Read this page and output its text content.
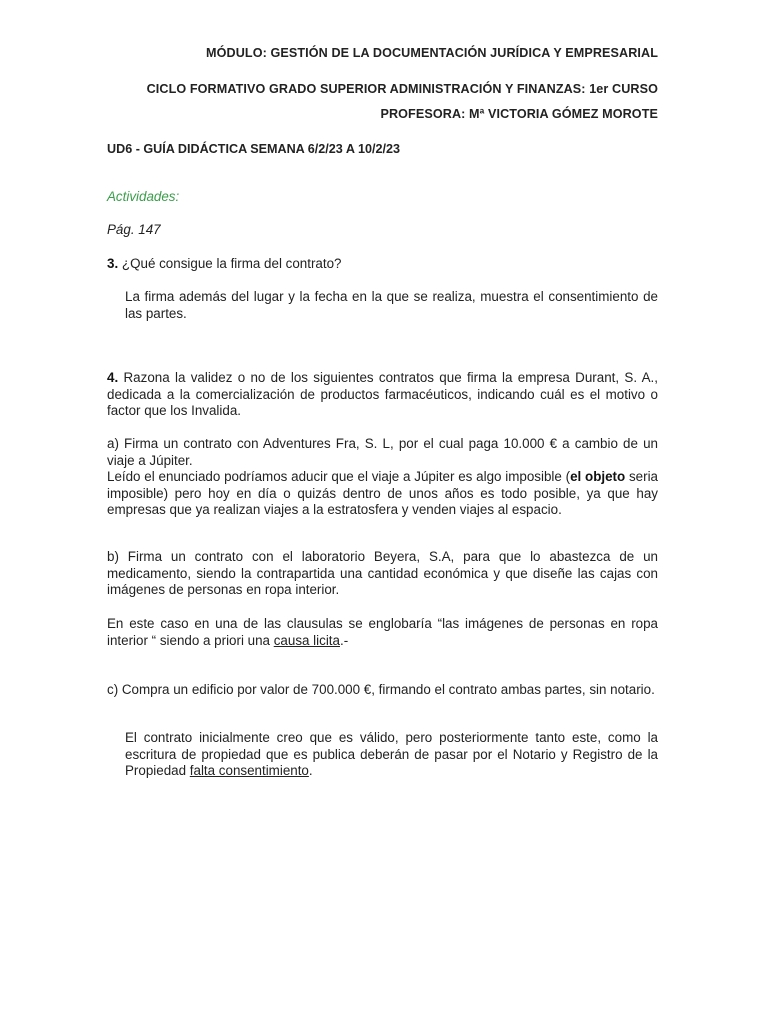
MÓDULO: GESTIÓN DE LA DOCUMENTACIÓN JURÍDICA Y EMPRESARIAL
CICLO FORMATIVO GRADO SUPERIOR ADMINISTRACIÓN Y FINANZAS: 1er CURSO
PROFESORA: Mª VICTORIA GÓMEZ MOROTE
UD6 - GUÍA DIDÁCTICA SEMANA 6/2/23 A 10/2/23
Actividades:
Pág. 147
3. ¿Qué consigue la firma del contrato?
La firma además del lugar y la fecha en la que se realiza, muestra el consentimiento de las partes.
4. Razona la validez o no de los siguientes contratos que firma la empresa Durant, S. A., dedicada a la comercialización de productos farmacéuticos, indicando cuál es el motivo o factor que los Invalida.
a) Firma un contrato con Adventures Fra, S. L, por el cual paga 10.000 € a cambio de un viaje a Júpiter.
Leído el enunciado podríamos aducir que el viaje a Júpiter es algo imposible (el objeto seria imposible) pero hoy en día o quizás dentro de unos años es todo posible, ya que hay empresas que ya realizan viajes a la estratosfera y venden viajes al espacio.
b) Firma un contrato con el laboratorio Beyera, S.A, para que lo abastezca de un medicamento, siendo la contrapartida una cantidad económica y que diseñe las cajas con imágenes de personas en ropa interior.
En este caso en una de las clausulas se englobaría “las imágenes de personas en ropa interior “ siendo a priori una causa licita.-
c) Compra un edificio por valor de 700.000 €, firmando el contrato ambas partes, sin notario.
El contrato inicialmente creo que es válido, pero posteriormente tanto este, como la escritura de propiedad que es publica deberán de pasar por el Notario y Registro de la Propiedad falta consentimiento.
